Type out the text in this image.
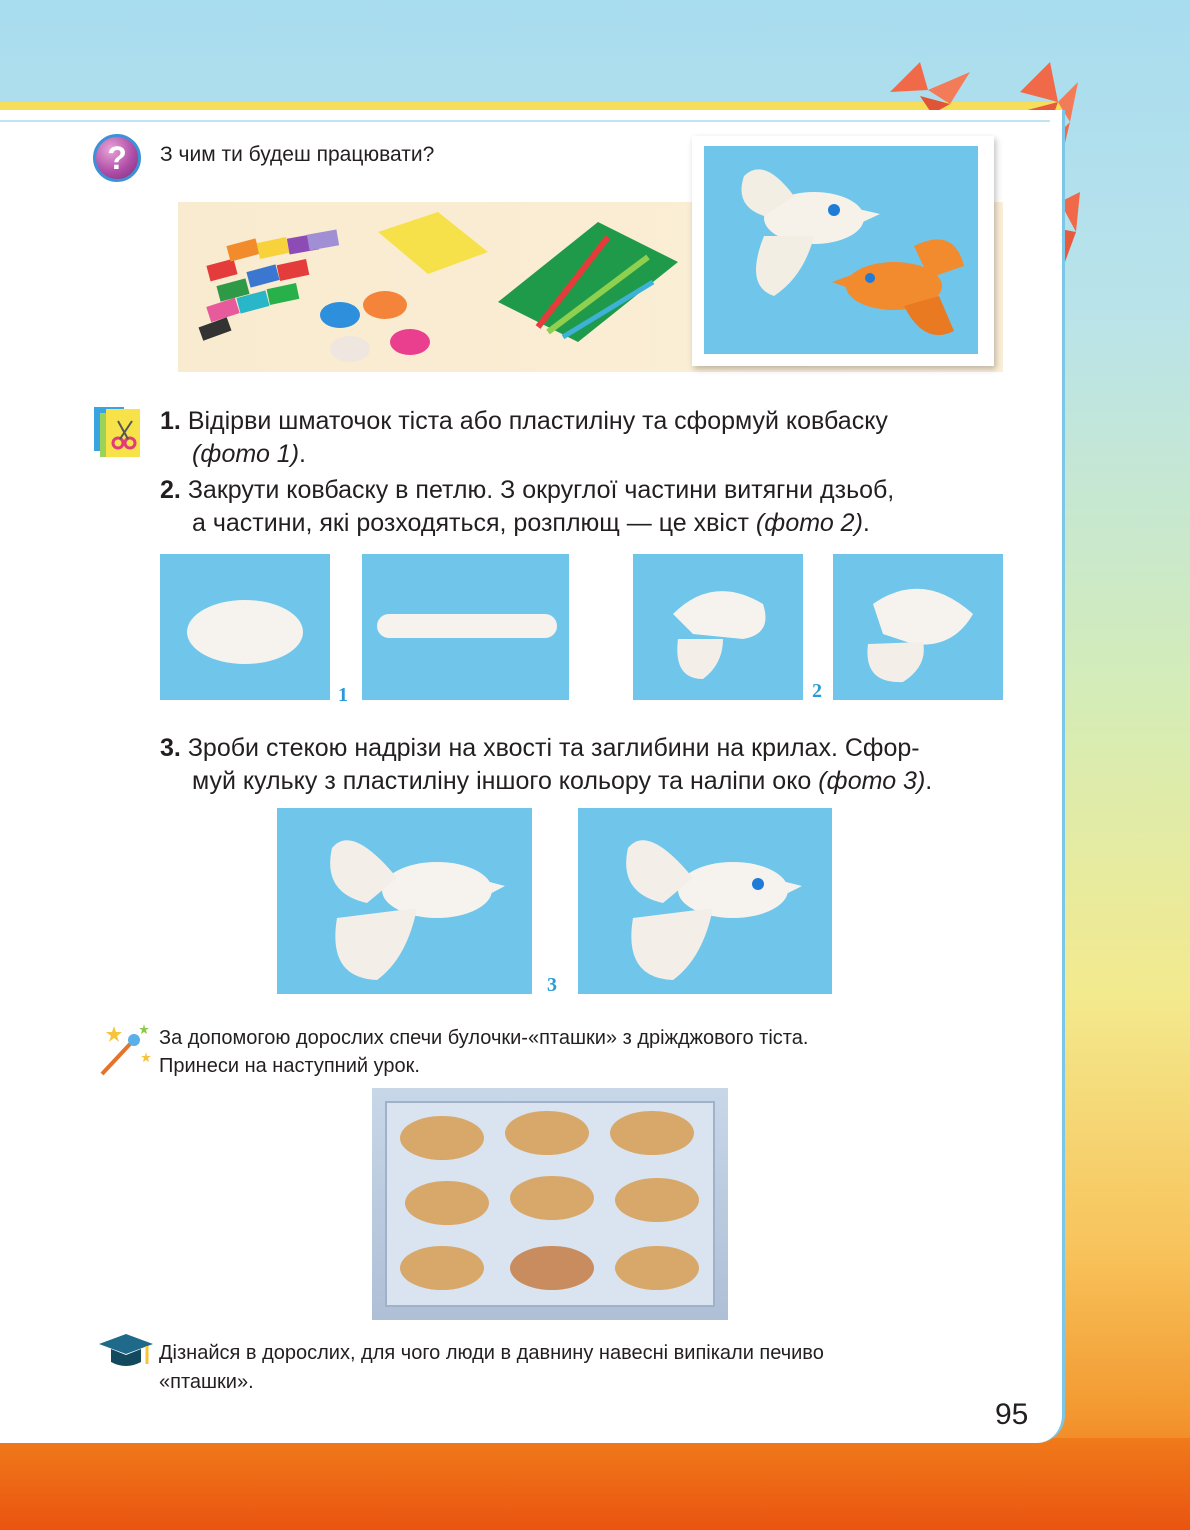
?	З чим ти будеш працювати?
1. Відірви шматочок тіста або пластиліну та сформуй ковбаску
(фото 1).
2. Закрути ковбаску в петлю. З округлої частини витягни дзьоб,
а частини, які розходяться, розплющ — це хвіст (фото 2).
1	2
3. Зроби стекою надрізи на хвості та заглибини на крилах. Сфор-
муй кульку з пластиліну іншого кольору та наліпи око (фото 3).
3
За допомогою дорослих спечи булочки-«пташки» з дріжджового тіста.
Принеси на наступний урок.
Дізнайся в дорослих, для чого люди в давнину навесні випікали печиво
«пташки».
95
